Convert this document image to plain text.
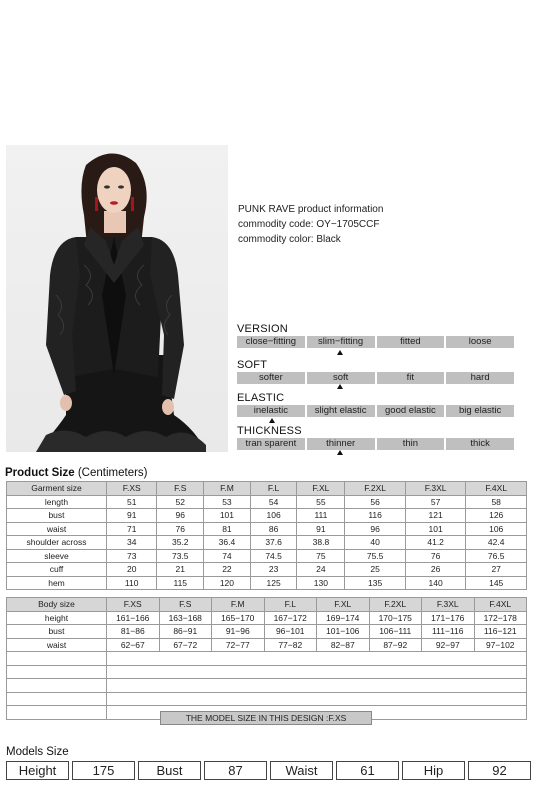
PUNK RAVE product information
commodity code: OY−1705CCF
commodity color: Black
VERSION
close−fitting	slim−fitting	fitted	loose
SOFT
softer	soft	fit	hard
ELASTIC
inelastic	slight elastic	good elastic	big elastic
THICKNESS
tran sparent	thinner	thin	thick
Product Size (Centimeters)
Garment size	F.XS	F.S	F.M	F.L	F.XL	F.2XL	F.3XL	F.4XL
length	51	52	53	54	55	56	57	58
bust	91	96	101	106	111	116	121	126
waist	71	76	81	86	91	96	101	106
shoulder across	34	35.2	36.4	37.6	38.8	40	41.2	42.4
sleeve	73	73.5	74	74.5	75	75.5	76	76.5
cuff	20	21	22	23	24	25	26	27
hem	110	115	120	125	130	135	140	145
Body size	F.XS	F.S	F.M	F.L	F.XL	F.2XL	F.3XL	F.4XL
height	161−166	163−168	165−170	167−172	169−174	170−175	171−176	172−178
bust	81−86	86−91	91−96	96−101	101−106	106−111	111−116	116−121
waist	62−67	67−72	72−77	77−82	82−87	87−92	92−97	97−102

THE MODEL SIZE IN THIS DESIGN :F.XS
Models Size
Height	175	Bust	87	Waist	61	Hip	92
